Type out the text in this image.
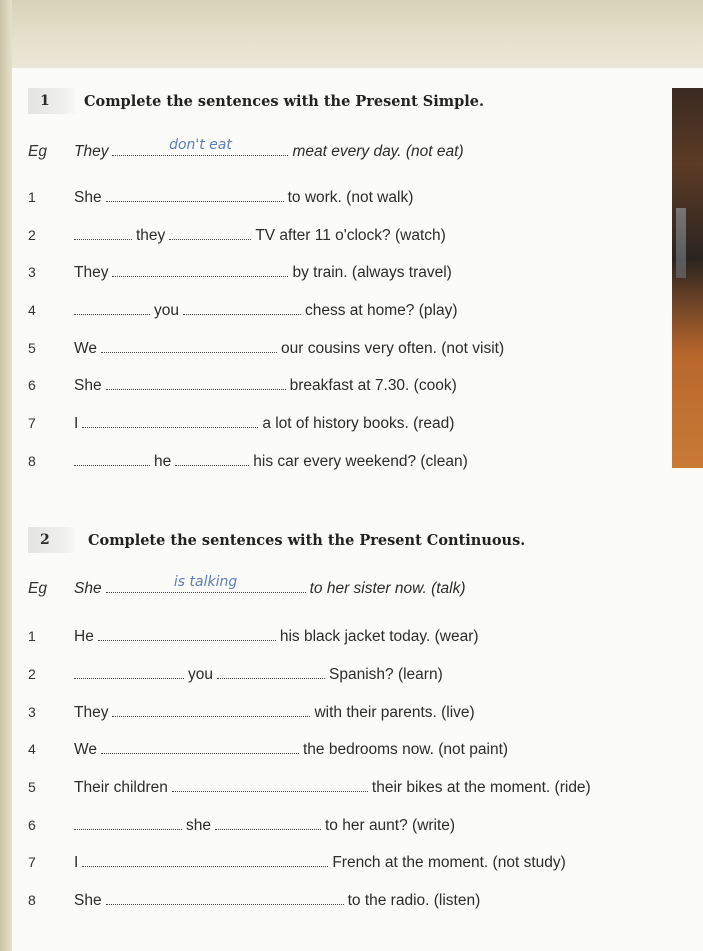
1	Complete the sentences with the Present Simple.
Eg	They	don't eat	meat every day. (not eat)
1	She	to work. (not walk)
2	they	TV after 11 o'clock? (watch)
3	They	by train. (always travel)
4	you	chess at home? (play)
5	We	our cousins very often. (not visit)
6	She	breakfast at 7.30. (cook)
7	I	a lot of history books. (read)
8	he	his car every weekend? (clean)
2	Complete the sentences with the Present Continuous.
Eg	She	is talking	to her sister now. (talk)
1	He	his black jacket today. (wear)
2	you	Spanish? (learn)
3	They	with their parents. (live)
4	We	the bedrooms now. (not paint)
5	Their children	their bikes at the moment. (ride)
6	she	to her aunt? (write)
7	I	French at the moment. (not study)
8	She	to the radio. (listen)
